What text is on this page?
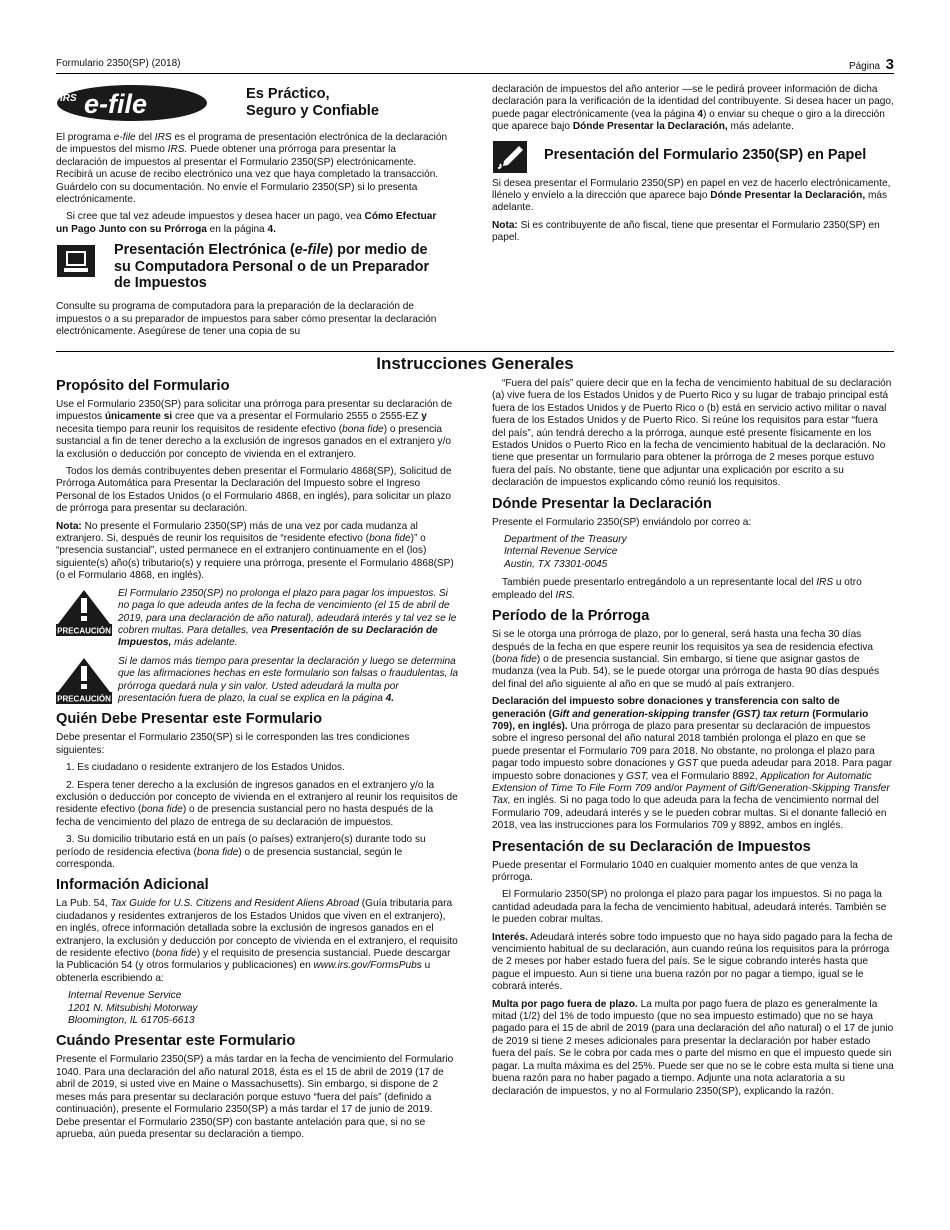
Formulario 2350(SP) (2018)	Página 3
IRS e-file	Es Práctico,
Seguro y Confiable

El programa e-file del IRS es el programa de presentación electrónica de la declaración de impuestos del mismo IRS. Puede obtener una prórroga para presentar la declaración de impuestos al presentar el Formulario 2350(SP) electrónicamente. Recibirá un acuse de recibo electrónico una vez que haya completado la transacción. Guárdelo con su documentación. No envíe el Formulario 2350(SP) si lo presenta electrónicamente.

Si cree que tal vez adeude impuestos y desea hacer un pago, vea Cómo Efectuar un Pago Junto con su Prórroga en la página 4.

Presentación Electrónica (e-file) por medio de su Computadora Personal o de un Preparador de Impuestos

Consulte su programa de computadora para la preparación de la declaración de impuestos o a su preparador de impuestos para saber cómo presentar la declaración electrónicamente. Asegúrese de tener una copia de su

declaración de impuestos del año anterior —se le pedirá proveer información de dicha declaración para la verificación de la identidad del contribuyente. Si desea hacer un pago, puede pagar electrónicamente (vea la página 4) o enviar su cheque o giro a la dirección que aparece bajo Dónde Presentar la Declaración, más adelante.

Presentación del Formulario 2350(SP) en Papel

Si desea presentar el Formulario 2350(SP) en papel en vez de hacerlo electrónicamente, llénelo y envíelo a la dirección que aparece bajo Dónde Presentar la Declaración, más adelante.

Nota: Si es contribuyente de año fiscal, tiene que presentar el Formulario 2350(SP) en papel.

Instrucciones Generales
Propósito del Formulario

Use el Formulario 2350(SP) para solicitar una prórroga para presentar su declaración de impuestos únicamente si cree que va a presentar el Formulario 2555 o 2555-EZ y necesita tiempo para reunir los requisitos de residente efectivo (bona fide) o presencia sustancial a fin de tener derecho a la exclusión de ingresos ganados en el extranjero y/o la exclusión o deducción por concepto de vivienda en el extranjero.

Todos los demás contribuyentes deben presentar el Formulario 4868(SP), Solicitud de Prórroga Automática para Presentar la Declaración del Impuesto sobre el Ingreso Personal de los Estados Unidos (o el Formulario 4868, en inglés), para solicitar un plazo de prórroga para presentar su declaración.

Nota: No presente el Formulario 2350(SP) más de una vez por cada mudanza al extranjero. Si, después de reunir los requisitos de “residente efectivo (bona fide)” o “presencia sustancial”, usted permanece en el extranjero continuamente en el (los) siguiente(s) año(s) tributario(s) y requiere una prórroga, presente el Formulario 4868(SP) (o el Formulario 4868, en inglés).

PRECAUCIÓN
El Formulario 2350(SP) no prolonga el plazo para pagar los impuestos. Si no paga lo que adeuda antes de la fecha de vencimiento (el 15 de abril de 2019, para una declaración de año natural), adeudará interés y tal vez se le cobren multas. Para detalles, vea Presentación de su Declaración de Impuestos, más adelante.
PRECAUCIÓN
Si le damos más tiempo para presentar la declaración y luego se determina que las afirmaciones hechas en este formulario son falsas o fraudulentas, la prórroga quedará nula y sin valor. Usted adeudará la multa por presentación fuera de plazo, la cual se explica en la página 4.
Quién Debe Presentar este Formulario

Debe presentar el Formulario 2350(SP) si le corresponden las tres condiciones siguientes:

1. Es ciudadano o residente extranjero de los Estados Unidos.

2. Espera tener derecho a la exclusión de ingresos ganados en el extranjero y/o la exclusión o deducción por concepto de vivienda en el extranjero al reunir los requisitos de residente efectivo (bona fide) o de presencia sustancial pero no hasta después de la fecha de vencimiento del plazo de entrega de su declaración de impuestos.

3. Su domicilio tributario está en un país (o países) extranjero(s) durante todo su período de residencia efectiva (bona fide) o de presencia sustancial, según le corresponda.

Información Adicional

La Pub. 54, Tax Guide for U.S. Citizens and Resident Aliens Abroad (Guía tributaria para ciudadanos y residentes extranjeros de los Estados Unidos que viven en el extranjero), en inglés, ofrece información detallada sobre la exclusión de ingresos ganados en el extranjero, la exclusión y deducción por concepto de vivienda en el extranjero, el requisito de residente efectivo (bona fide) y el requisito de presencia sustancial. Puede descargar la Publicación 54 (y otros formularios y publicaciones) en www.irs.gov/FormsPubs u obtenerla escribiendo a:

Internal Revenue Service
1201 N. Mitsubishi Motorway
Bloomington, IL 61705-6613

Cuándo Presentar este Formulario

Presente el Formulario 2350(SP) a más tardar en la fecha de vencimiento del Formulario 1040. Para una declaración del año natural 2018, ésta es el 15 de abril de 2019 (17 de abril de 2019, si usted vive en Maine o Massachusetts). Sin embargo, si dispone de 2 meses más para presentar su declaración porque estuvo “fuera del país” (definido a continuación), presente el Formulario 2350(SP) a más tardar el 17 de junio de 2019. Debe presentar el Formulario 2350(SP) con bastante antelación para que, si no se aprueba, aún pueda presentar su declaración a tiempo.

“Fuera del país” quiere decir que en la fecha de vencimiento habitual de su declaración (a) vive fuera de los Estados Unidos y de Puerto Rico y su lugar de trabajo principal está fuera de los Estados Unidos y de Puerto Rico o (b) está en servicio activo militar o naval fuera de los Estados Unidos y de Puerto Rico. Si reúne los requisitos para estar “fuera del país”, aún tendrá derecho a la prórroga, aunque esté presente físicamente en los Estados Unidos o Puerto Rico en la fecha de vencimiento habitual de la declaración. No tiene que presentar un formulario para obtener la prórroga de 2 meses porque estuvo fuera del país. No obstante, tiene que adjuntar una explicación por escrito a su declaración de impuestos explicando cómo reunió los requisitos.

Dónde Presentar la Declaración

Presente el Formulario 2350(SP) enviándolo por correo a:

Department of the Treasury
Internal Revenue Service
Austin, TX 73301-0045

También puede presentarlo entregándolo a un representante local del IRS u otro empleado del IRS.

Período de la Prórroga

Si se le otorga una prórroga de plazo, por lo general, será hasta una fecha 30 días después de la fecha en que espere reunir los requisitos ya sea de residencia efectiva (bona fide) o de presencia sustancial. Sin embargo, si tiene que asignar gastos de mudanza (vea la Pub. 54), se le puede otorgar una prórroga de hasta 90 días después del final del año siguiente al año en que se mudó al país extranjero.

Declaración del impuesto sobre donaciones y transferencia con salto de generación (Gift and generation-skipping transfer (GST) tax return (Formulario 709), en inglés). Una prórroga de plazo para presentar su declaración de impuestos sobre el ingreso personal del año natural 2018 también prolonga el plazo en que se puede presentar el Formulario 709 para 2018. No obstante, no prolonga el plazo para pagar todo impuesto sobre donaciones y GST que pueda adeudar para 2018. Para pagar impuesto sobre donaciones y GST, vea el Formulario 8892, Application for Automatic Extension of Time To File Form 709 and/or Payment of Gift/Generation-Skipping Transfer Tax, en inglés. Si no paga todo lo que adeuda para la fecha de vencimiento normal del Formulario 709, adeudará interés y se le pueden cobrar multas. Si el donante falleció en 2018, vea las instrucciones para los Formularios 709 y 8892, ambos en inglés.

Presentación de su Declaración de Impuestos

Puede presentar el Formulario 1040 en cualquier momento antes de que venza la prórroga.

El Formulario 2350(SP) no prolonga el plazo para pagar los impuestos. Si no paga la cantidad adeudada para la fecha de vencimiento habitual, adeudará interés. También se le pueden cobrar multas.

Interés. Adeudará interés sobre todo impuesto que no haya sido pagado para la fecha de vencimiento habitual de su declaración, aun cuando reúna los requisitos para la prórroga de 2 meses por haber estado fuera del país. Se le sigue cobrando interés hasta que pague el impuesto. Aun si tiene una buena razón por no pagar a tiempo, igual se le cobrará interés.

Multa por pago fuera de plazo. La multa por pago fuera de plazo es generalmente la mitad (1/2) del 1% de todo impuesto (que no sea impuesto estimado) que no se haya pagado para el 15 de abril de 2019 (para una declaración del año natural) o el 17 de junio de 2019 si tiene 2 meses adicionales para presentar la declaración por haber estado fuera del país. Se le cobra por cada mes o parte del mismo en que el impuesto quede sin pagar. La multa máxima es del 25%. Puede ser que no se le cobre esta multa si tiene una buena razón para no haber pagado a tiempo. Adjunte una nota aclaratoria a su declaración de impuestos, y no al Formulario 2350(SP), explicando la razón.
